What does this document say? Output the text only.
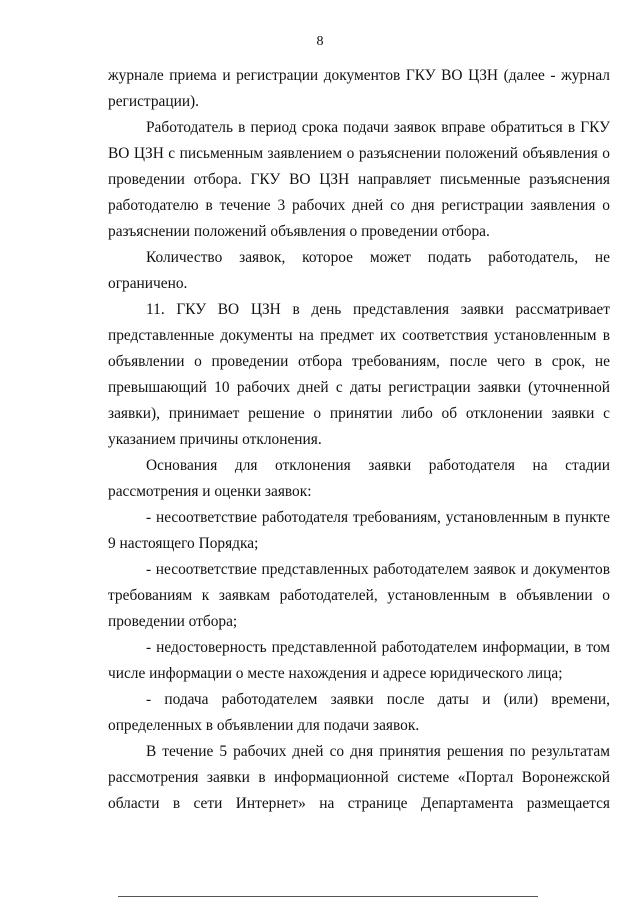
8

журнале приема и регистрации документов ГКУ ВО ЦЗН (далее - журнал регистрации).

Работодатель в период срока подачи заявок вправе обратиться в ГКУ ВО ЦЗН с письменным заявлением о разъяснении положений объявления о проведении отбора. ГКУ ВО ЦЗН направляет письменные разъяснения работодателю в течение 3 рабочих дней со дня регистрации заявления о разъяснении положений объявления о проведении отбора.

Количество заявок, которое может подать работодатель, не ограничено.

11. ГКУ ВО ЦЗН в день представления заявки рассматривает представленные документы на предмет их соответствия установленным в объявлении о проведении отбора требованиям, после чего в срок, не превышающий 10 рабочих дней с даты регистрации заявки (уточненной заявки), принимает решение о принятии либо об отклонении заявки с указанием причины отклонения.

Основания для отклонения заявки работодателя на стадии рассмотрения и оценки заявок:

- несоответствие работодателя требованиям, установленным в пункте 9 настоящего Порядка;

- несоответствие представленных работодателем заявок и документов требованиям к заявкам работодателей, установленным в объявлении о проведении отбора;

- недостоверность представленной работодателем информации, в том числе информации о месте нахождения и адресе юридического лица;

- подача работодателем заявки после даты и (или) времени, определенных в объявлении для подачи заявок.

В течение 5 рабочих дней со дня принятия решения по результатам рассмотрения заявки в информационной системе «Портал Воронежской области в сети Интернет» на странице Департамента размещается
